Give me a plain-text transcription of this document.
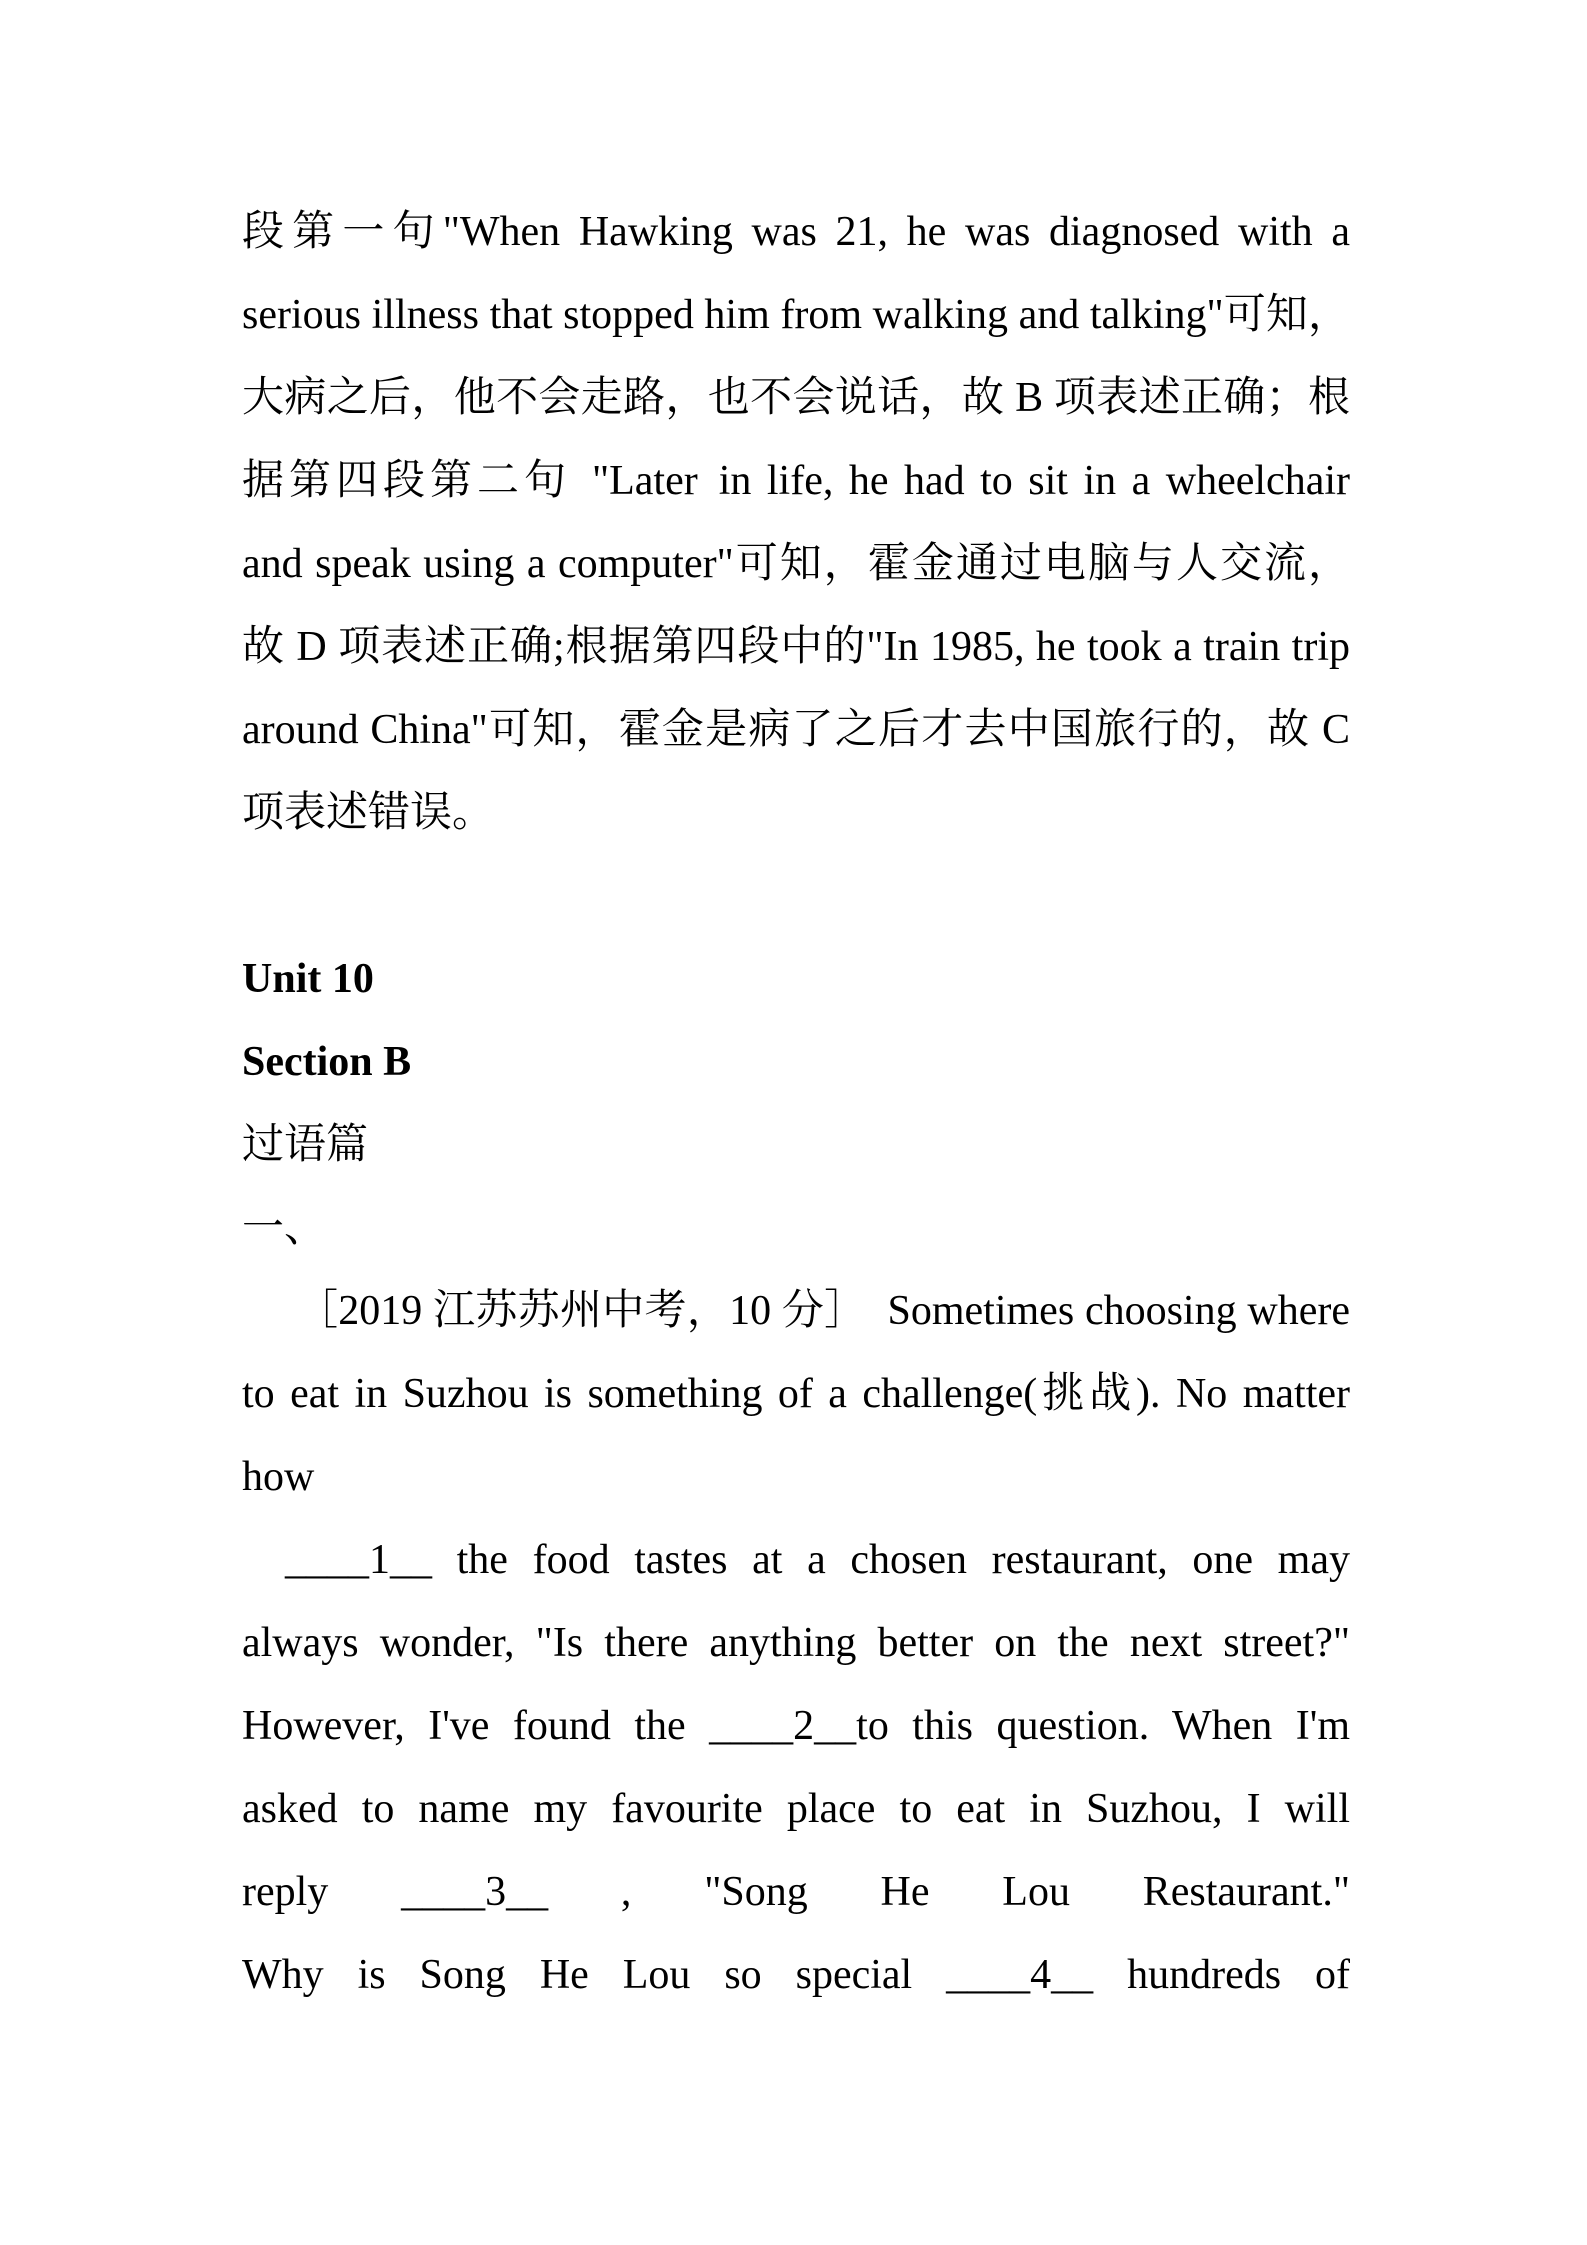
段第一句"When Hawking was 21, he was diagnosed with a
serious illness that stopped him from walking and talking"可知，
大病之后，他不会走路，也不会说话，故 B 项表述正确；根
据第四段第二句 "Later in life, he had to sit in a wheelchair
and speak using a computer"可知，霍金通过电脑与人交流，
故 D 项表述正确;根据第四段中的"In 1985, he took a train trip
around China"可知，霍金是病了之后才去中国旅行的，故 C
项表述错误。
Unit 10
Section B
过语篇
一、
［2019 江苏苏州中考，10 分］ Sometimes choosing where
to eat in Suzhou is something of a challenge(挑战). No matter
how
____1__ the food tastes at a chosen restaurant, one may
always wonder, "Is there anything better on the next street?"
However, I've found the ____2__to this question. When I'm
asked to name my favourite place to eat in Suzhou, I will
reply ____3__ , "Song He Lou Restaurant."
Why is Song He Lou so special ____4__ hundreds of
